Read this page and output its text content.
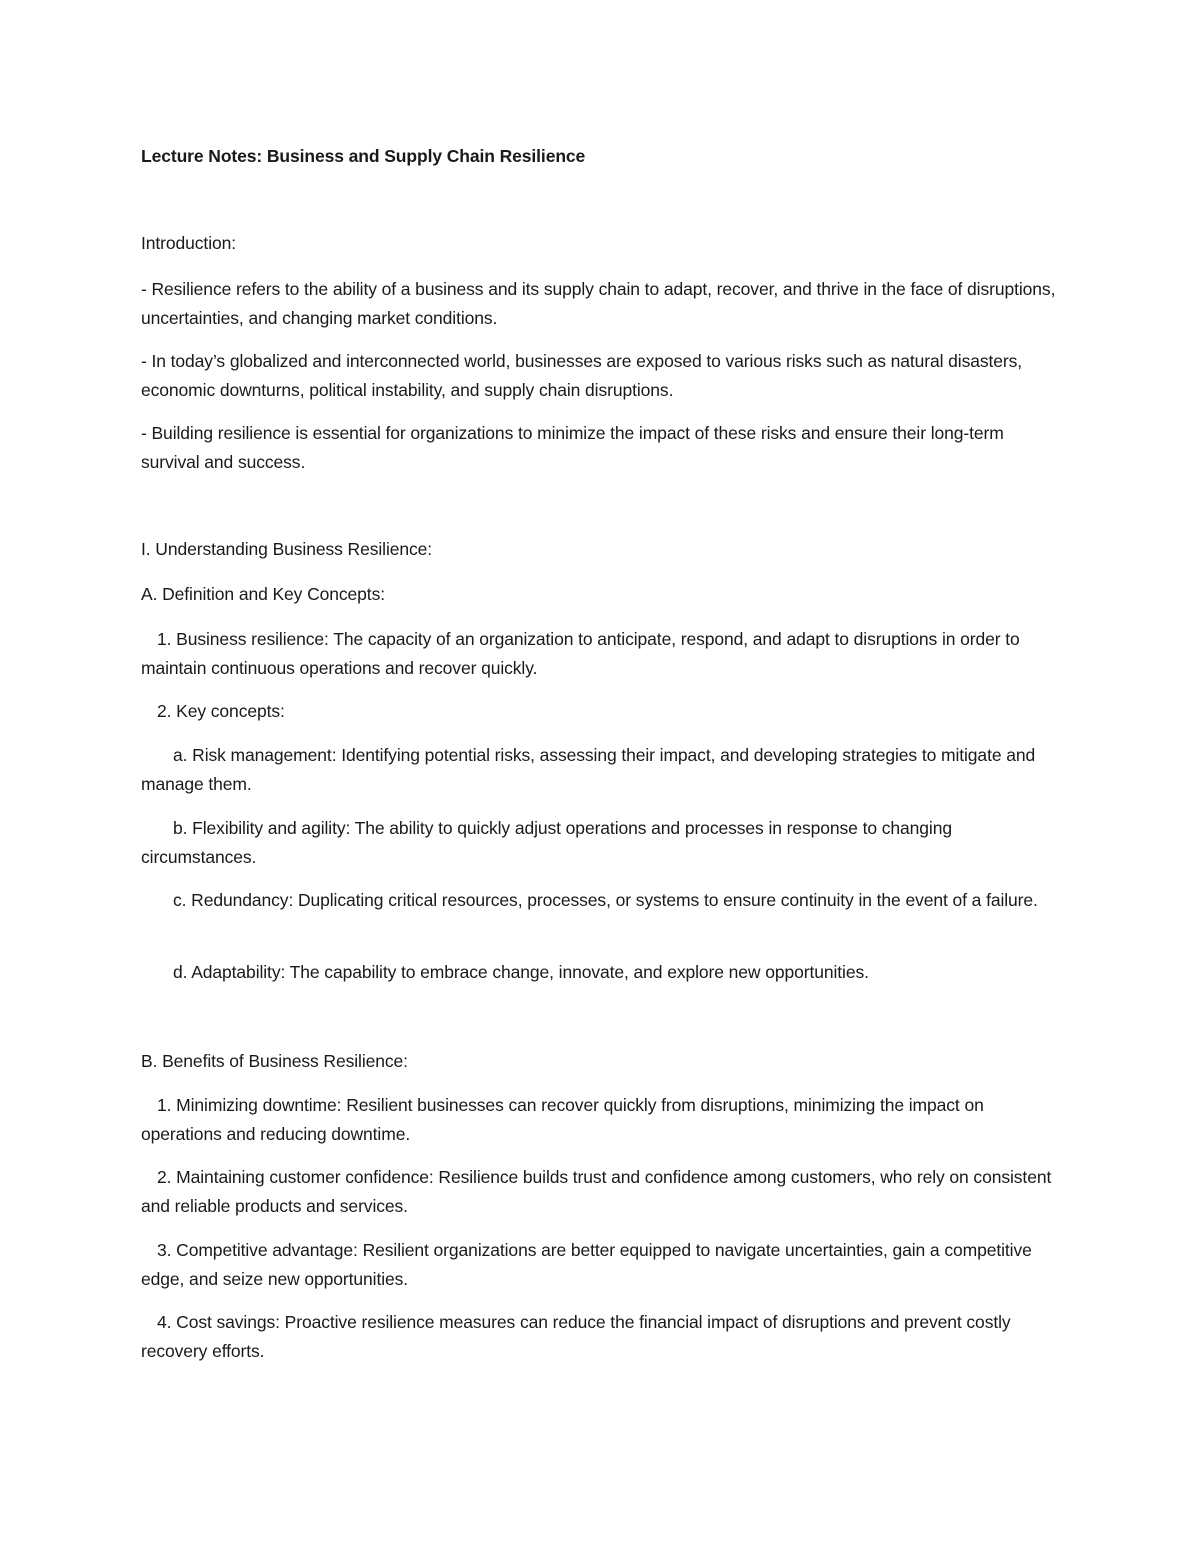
Lecture Notes: Business and Supply Chain Resilience

Introduction:

- Resilience refers to the ability of a business and its supply chain to adapt, recover, and thrive in the face of disruptions, uncertainties, and changing market conditions.

- In today’s globalized and interconnected world, businesses are exposed to various risks such as natural disasters, economic downturns, political instability, and supply chain disruptions.

- Building resilience is essential for organizations to minimize the impact of these risks and ensure their long-term survival and success.

I. Understanding Business Resilience:

A. Definition and Key Concepts:

1. Business resilience: The capacity of an organization to anticipate, respond, and adapt to disruptions in order to maintain continuous operations and recover quickly.

2. Key concepts:

a. Risk management: Identifying potential risks, assessing their impact, and developing strategies to mitigate and manage them.

b. Flexibility and agility: The ability to quickly adjust operations and processes in response to changing circumstances.

c. Redundancy: Duplicating critical resources, processes, or systems to ensure continuity in the event of a failure.

d. Adaptability: The capability to embrace change, innovate, and explore new opportunities.

B. Benefits of Business Resilience:

1. Minimizing downtime: Resilient businesses can recover quickly from disruptions, minimizing the impact on operations and reducing downtime.

2. Maintaining customer confidence: Resilience builds trust and confidence among customers, who rely on consistent and reliable products and services.

3. Competitive advantage: Resilient organizations are better equipped to navigate uncertainties, gain a competitive edge, and seize new opportunities.

4. Cost savings: Proactive resilience measures can reduce the financial impact of disruptions and prevent costly recovery efforts.
